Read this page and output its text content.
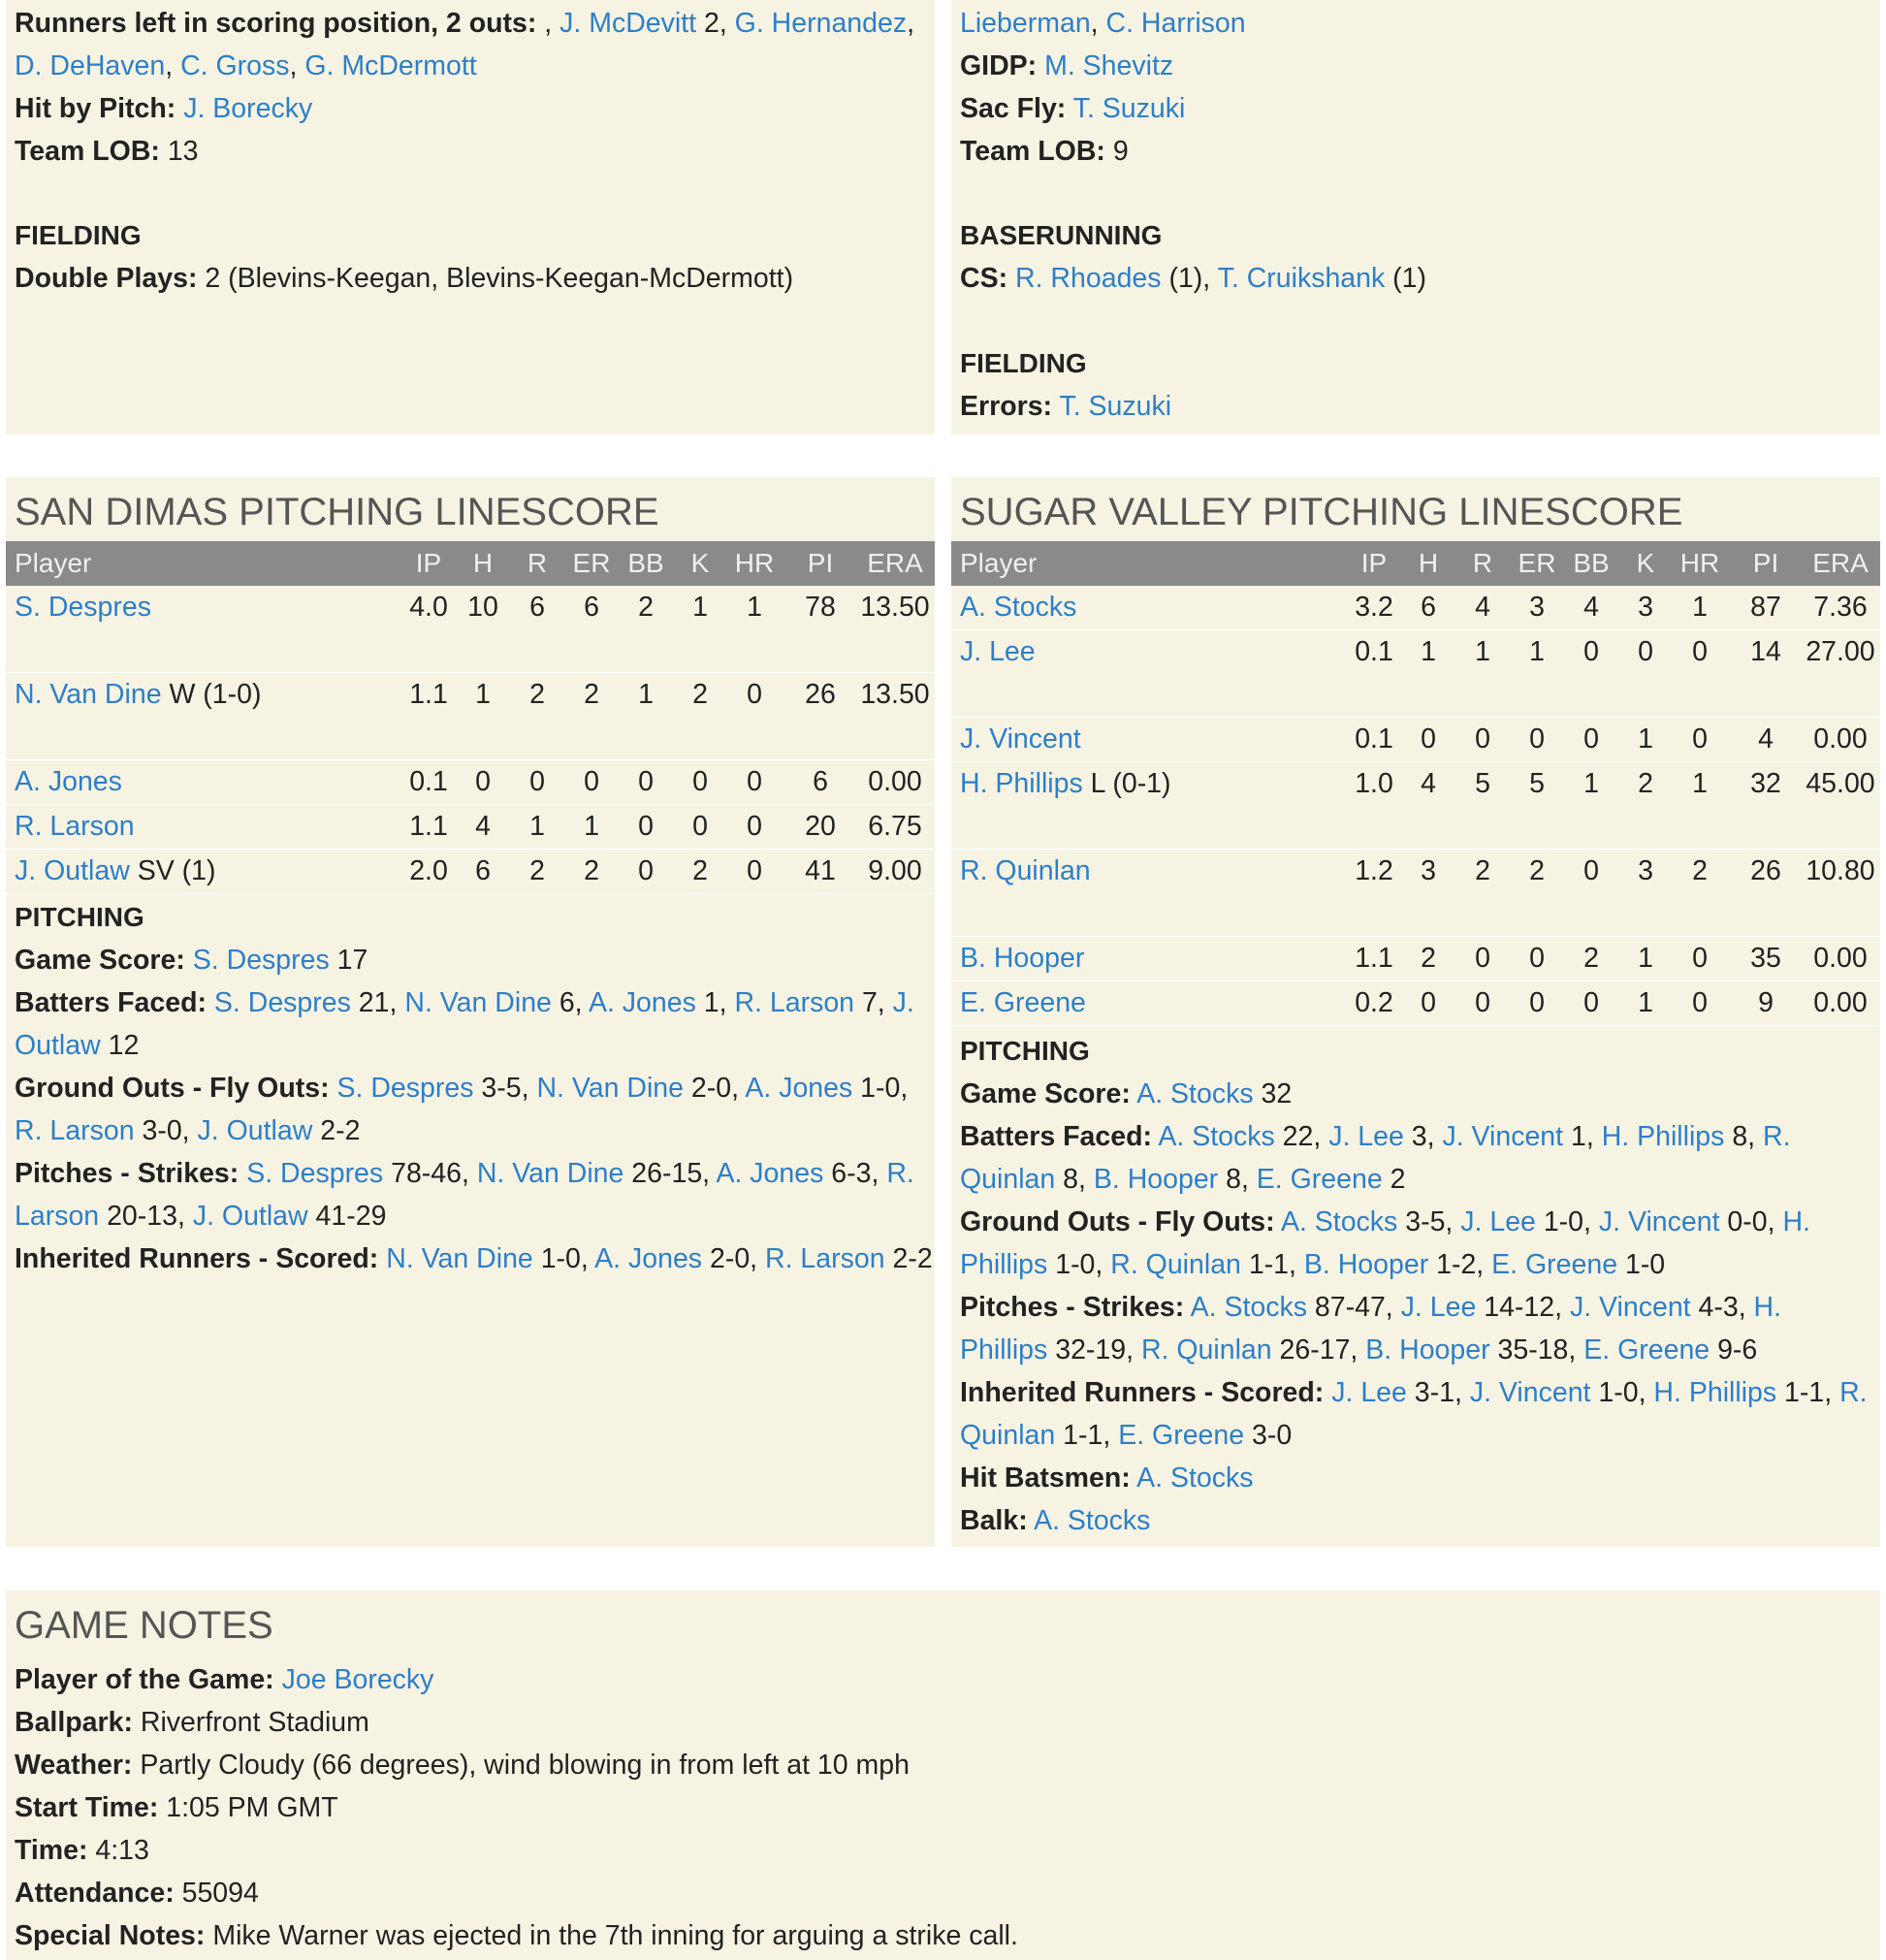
Runners left in scoring position, 2 outs: , J. McDevitt 2, G. Hernandez,
D. DeHaven, C. Gross, G. McDermott
Hit by Pitch: J. Borecky
Team LOB: 13
FIELDING
Double Plays: 2 (Blevins-Keegan, Blevins-Keegan-McDermott)
Lieberman, C. Harrison
GIDP: M. Shevitz
Sac Fly: T. Suzuki
Team LOB: 9
BASERUNNING
CS: R. Rhoades (1), T. Cruikshank (1)
FIELDING
Errors: T. Suzuki
SAN DIMAS PITCHING LINESCORE
Player	IP	H	R ER BB K HR	PI	ERA
S. Despres	4.0 10	6	6	2	1	1	78 13.50
N. Van Dine W (1-0)	1.1 1	2	2	1	2	0	26 13.50
A. Jones	0.1 0	0	0	0	0	0	6	0.00
R. Larson	1.1 4	1	1	0	0	0	20	6.75
J. Outlaw SV (1)	2.0 6	2	2	0	2	0	41	9.00
PITCHING
Game Score: S. Despres 17
Batters Faced: S. Despres 21, N. Van Dine 6, A. Jones 1, R. Larson 7, J.
Outlaw 12
Ground Outs - Fly Outs: S. Despres 3-5, N. Van Dine 2-0, A. Jones 1-0,
R. Larson 3-0, J. Outlaw 2-2
Pitches - Strikes: S. Despres 78-46, N. Van Dine 26-15, A. Jones 6-3, R.
Larson 20-13, J. Outlaw 41-29
Inherited Runners - Scored: N. Van Dine 1-0, A. Jones 2-0, R. Larson 2-2
SUGAR VALLEY PITCHING LINESCORE
Player	IP	H	R ER BB K HR	PI	ERA
A. Stocks	3.2 6	4	3	4	3	1	87	7.36
J. Lee	0.1 1	1	1	0	0	0	14 27.00
J. Vincent	0.1 0	0	0	0	1	0	4	0.00
H. Phillips L (0-1)	1.0 4	5	5	1	2	1	32 45.00
R. Quinlan	1.2 3	2	2	0	3	2	26 10.80
B. Hooper	1.1 2	0	0	2	1	0	35	0.00
E. Greene	0.2 0	0	0	0	1	0	9	0.00
PITCHING
Game Score: A. Stocks 32
Batters Faced: A. Stocks 22, J. Lee 3, J. Vincent 1, H. Phillips 8, R.
Quinlan 8, B. Hooper 8, E. Greene 2
Ground Outs - Fly Outs: A. Stocks 3-5, J. Lee 1-0, J. Vincent 0-0, H.
Phillips 1-0, R. Quinlan 1-1, B. Hooper 1-2, E. Greene 1-0
Pitches - Strikes: A. Stocks 87-47, J. Lee 14-12, J. Vincent 4-3, H.
Phillips 32-19, R. Quinlan 26-17, B. Hooper 35-18, E. Greene 9-6
Inherited Runners - Scored: J. Lee 3-1, J. Vincent 1-0, H. Phillips 1-1, R.
Quinlan 1-1, E. Greene 3-0
Hit Batsmen: A. Stocks
Balk: A. Stocks
GAME NOTES
Player of the Game: Joe Borecky
Ballpark: Riverfront Stadium
Weather: Partly Cloudy (66 degrees), wind blowing in from left at 10 mph
Start Time: 1:05 PM GMT
Time: 4:13
Attendance: 55094
Special Notes: Mike Warner was ejected in the 7th inning for arguing a strike call.
